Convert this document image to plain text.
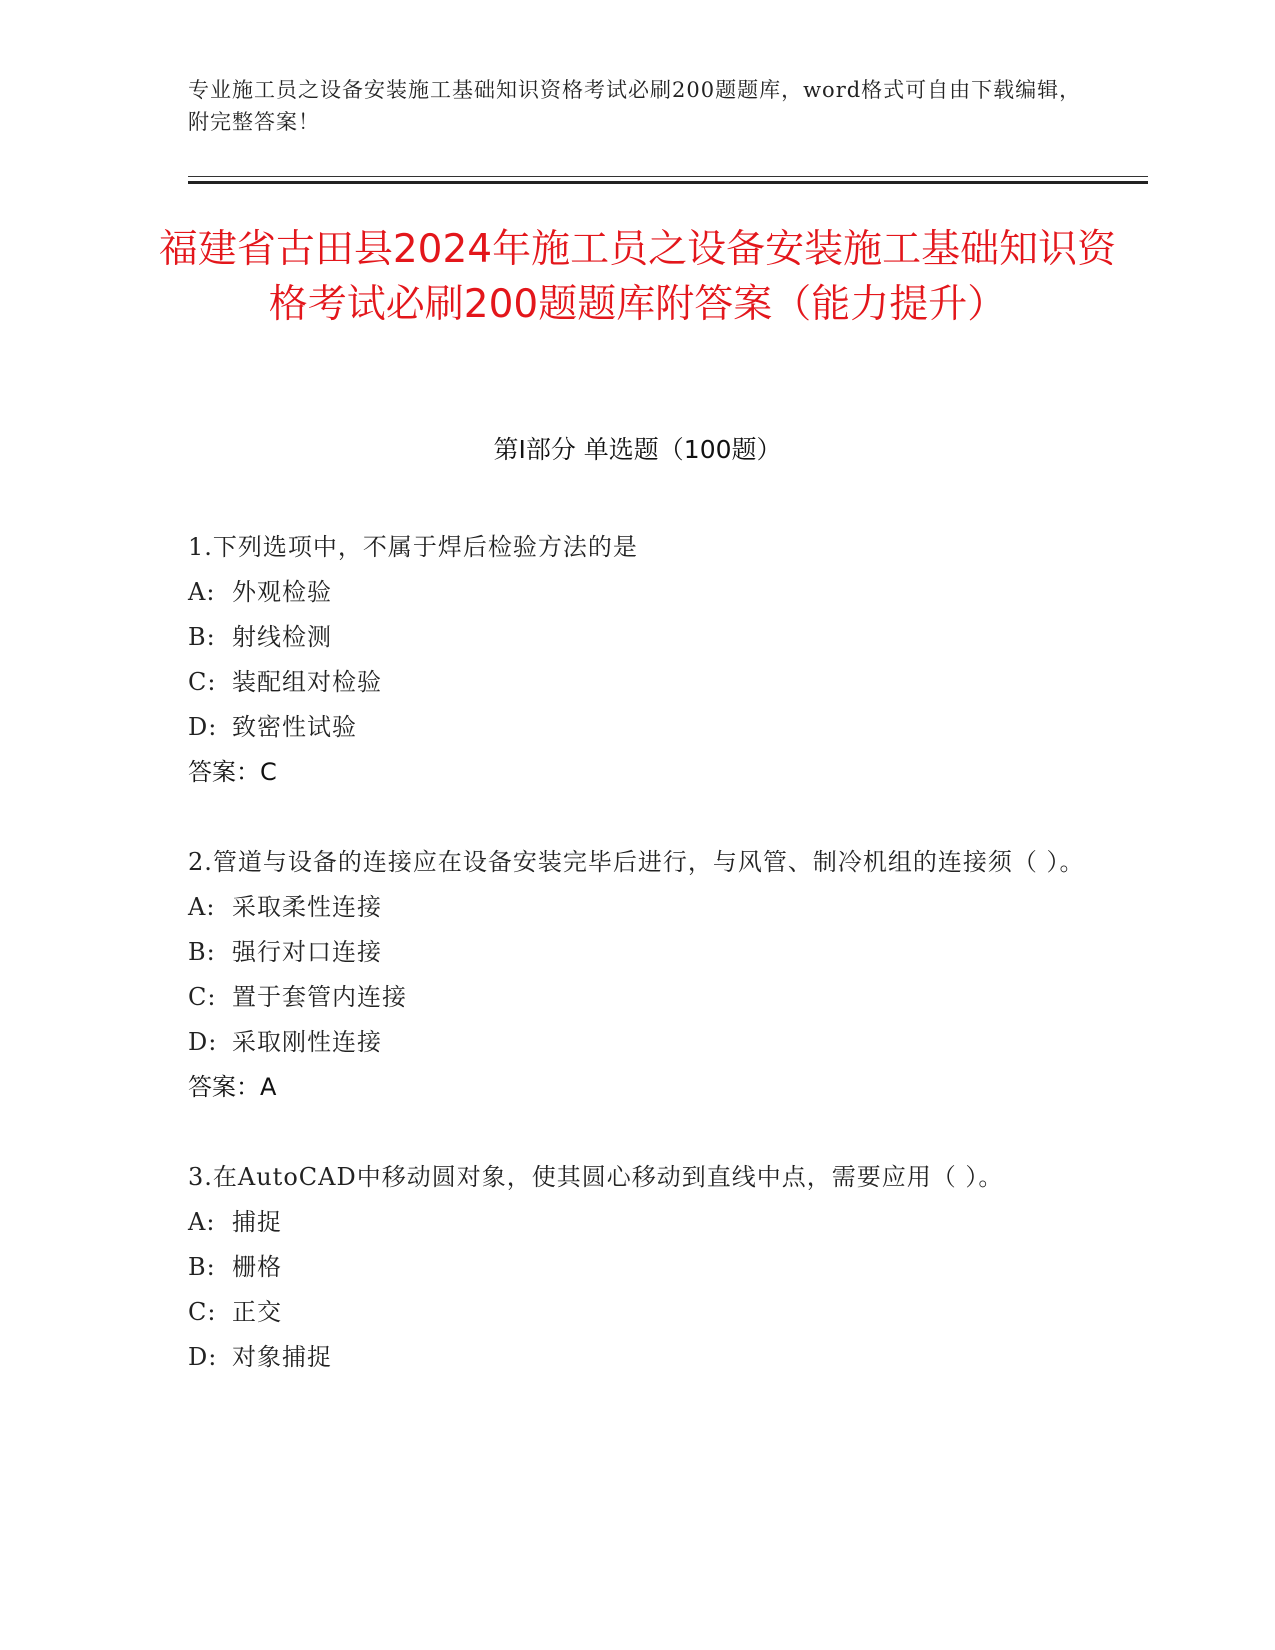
专业施工员之设备安装施工基础知识资格考试必刷200题题库，word格式可自由下载编辑，附完整答案！
福建省古田县2024年施工员之设备安装施工基础知识资格考试必刷200题题库附答案（能力提升）
第I部分 单选题（100题）

1.下列选项中，不属于焊后检验方法的是

A: 外观检验

B: 射线检测

C: 装配组对检验

D: 致密性试验

答案：C

2.管道与设备的连接应在设备安装完毕后进行，与风管、制冷机组的连接须（ ）。

A: 采取柔性连接

B: 强行对口连接

C: 置于套管内连接

D: 采取刚性连接

答案：A

3.在AutoCAD中移动圆对象，使其圆心移动到直线中点，需要应用（ ）。

A: 捕捉

B: 栅格

C: 正交

D: 对象捕捉
